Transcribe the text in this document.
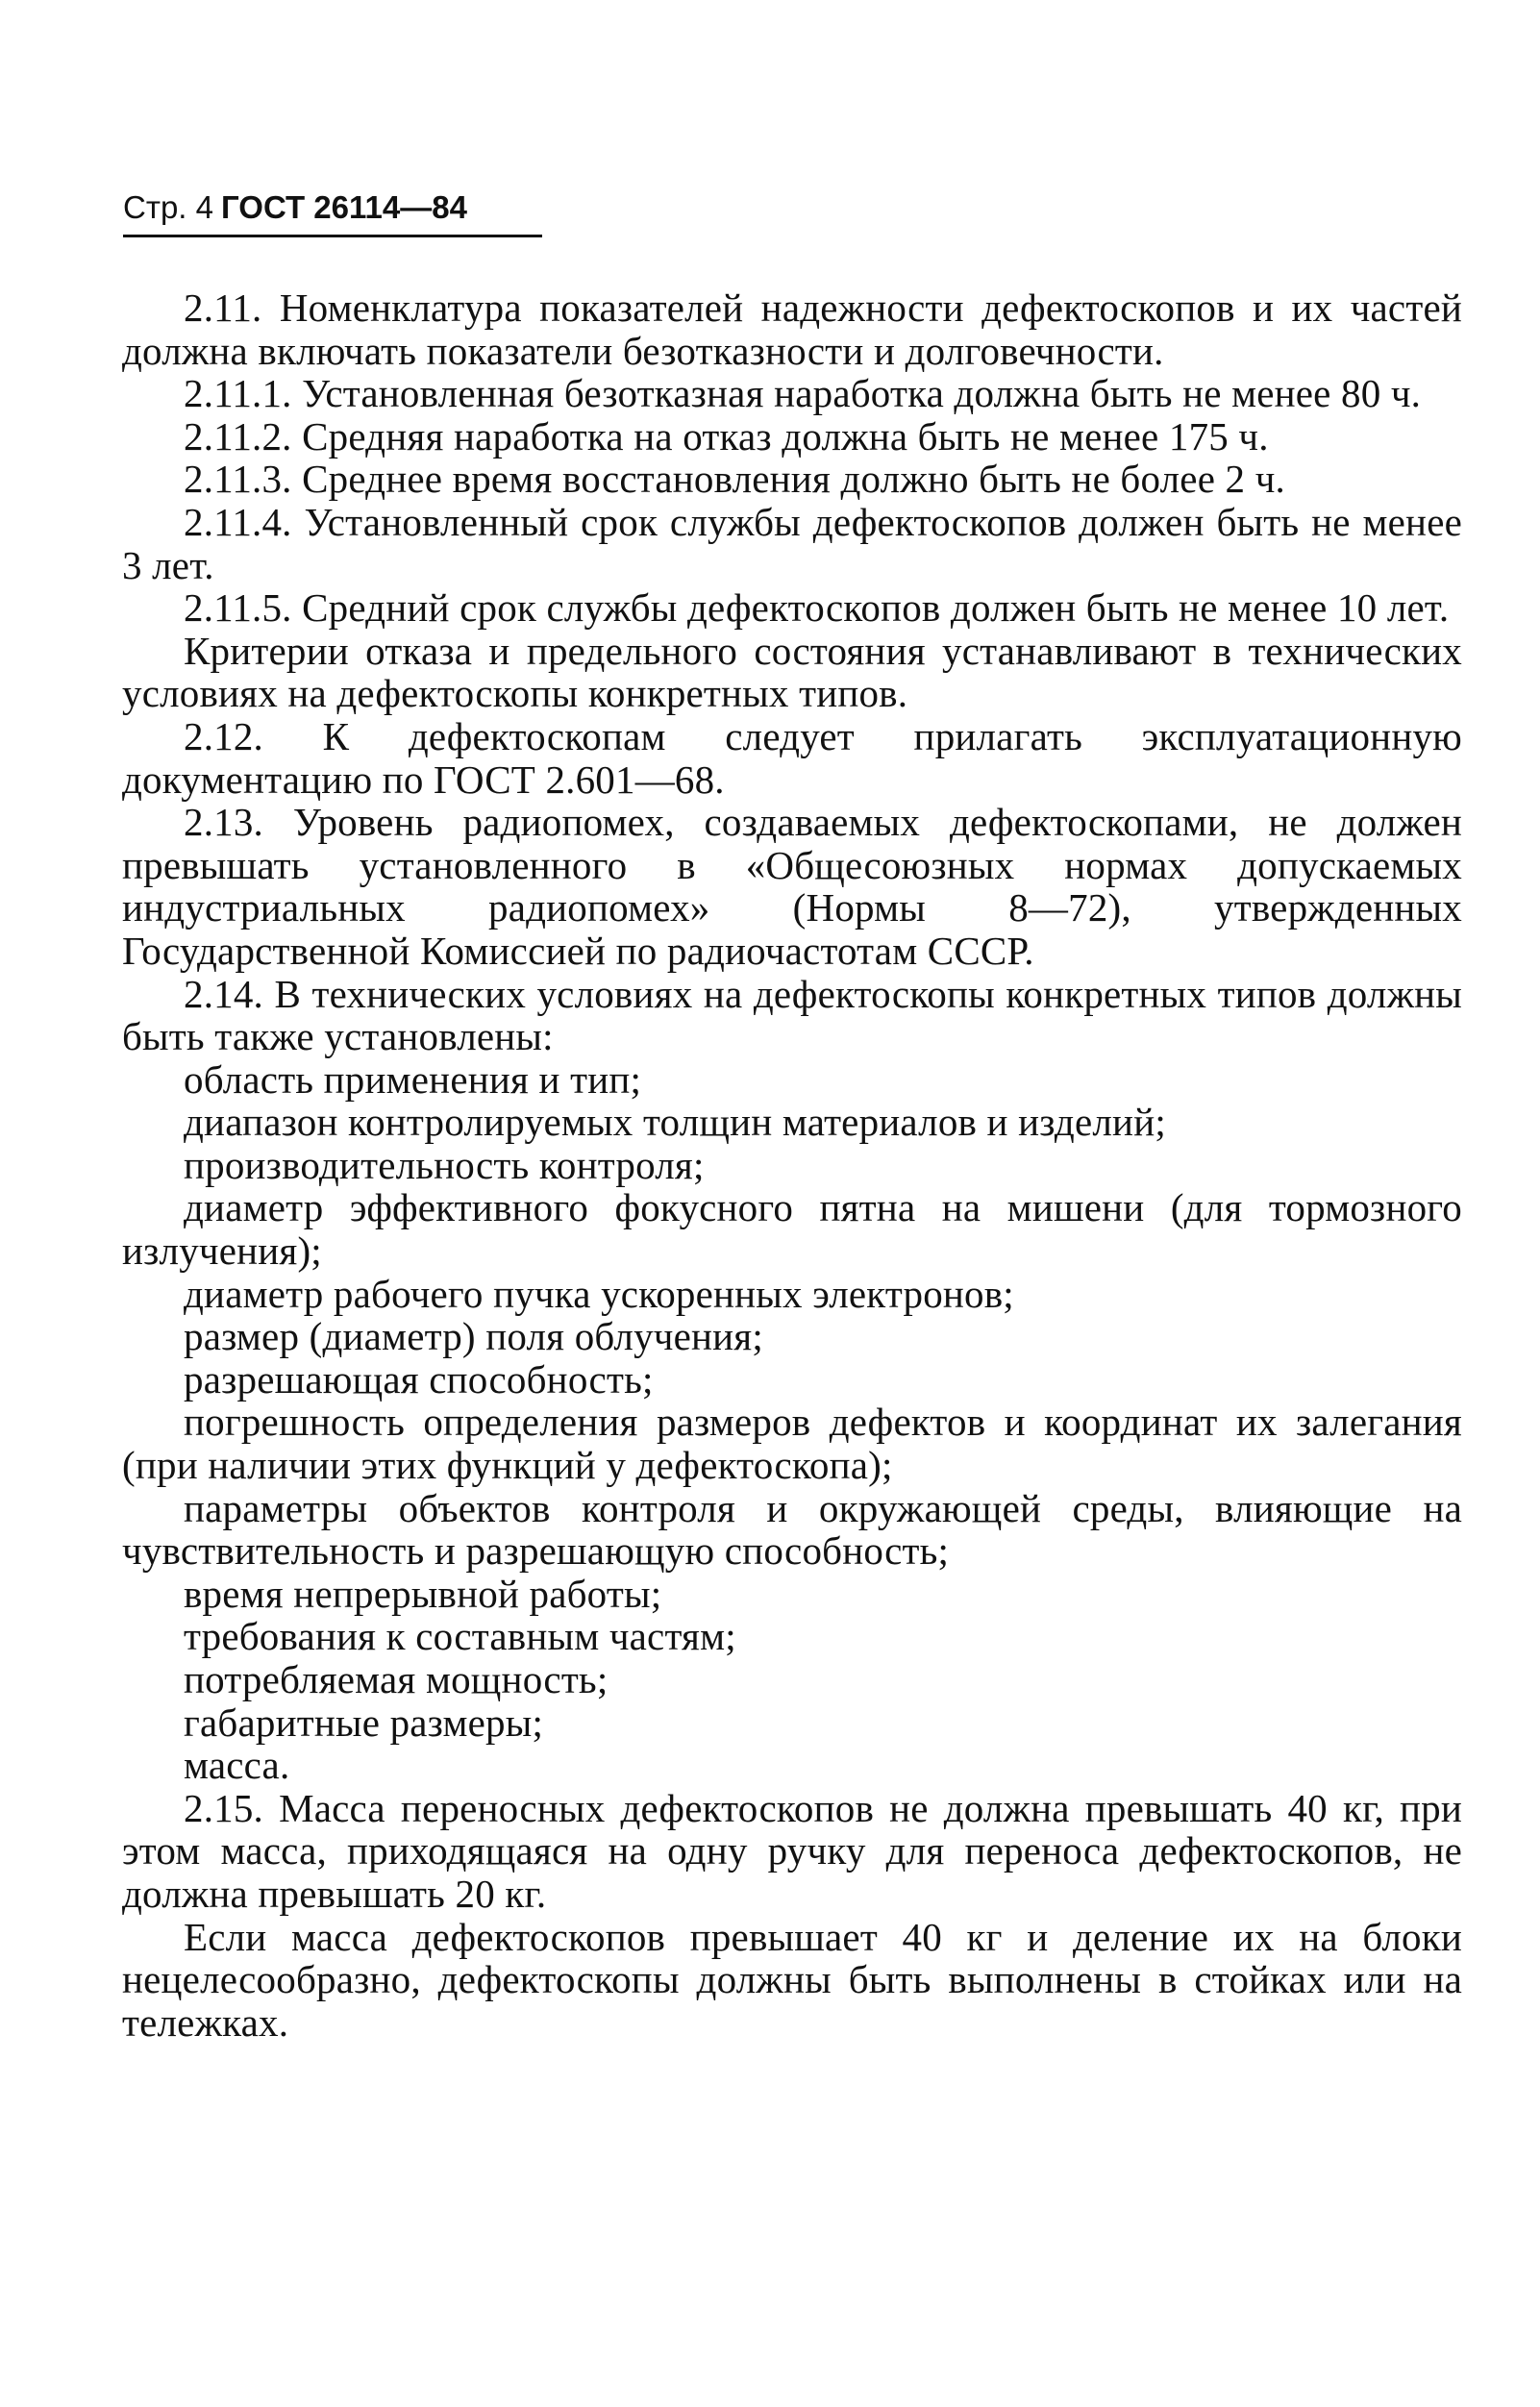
Стр. 4 ГОСТ 26114—84

2.11. Номенклатура показателей надежности дефектоскопов и их частей должна включать показатели безотказности и долговечности.

2.11.1. Установленная безотказная наработка должна быть не менее 80 ч.

2.11.2. Средняя наработка на отказ должна быть не менее 175 ч.

2.11.3. Среднее время восстановления должно быть не более 2 ч.

2.11.4. Установленный срок службы дефектоскопов должен быть не менее 3 лет.

2.11.5. Средний срок службы дефектоскопов должен быть не менее 10 лет.

Критерии отказа и предельного состояния устанавливают в технических условиях на дефектоскопы конкретных типов.

2.12. К дефектоскопам следует прилагать эксплуатационную документацию по ГОСТ 2.601—68.

2.13. Уровень радиопомех, создаваемых дефектоскопами, не должен превышать установленного в «Общесоюзных нормах допускаемых индустриальных радиопомех» (Нормы 8—72), утвержденных Государственной Комиссией по радиочастотам СССР.

2.14. В технических условиях на дефектоскопы конкретных типов должны быть также установлены:

область применения и тип;

диапазон контролируемых толщин материалов и изделий;

производительность контроля;

диаметр эффективного фокусного пятна на мишени (для тормозного излучения);

диаметр рабочего пучка ускоренных электронов;

размер (диаметр) поля облучения;

разрешающая способность;

погрешность определения размеров дефектов и координат их залегания (при наличии этих функций у дефектоскопа);

параметры объектов контроля и окружающей среды, влияющие на чувствительность и разрешающую способность;

время непрерывной работы;

требования к составным частям;

потребляемая мощность;

габаритные размеры;

масса.

2.15. Масса переносных дефектоскопов не должна превышать 40 кг, при этом масса, приходящаяся на одну ручку для переноса дефектоскопов, не должна превышать 20 кг.

Если масса дефектоскопов превышает 40 кг и деление их на блоки нецелесообразно, дефектоскопы должны быть выполнены в стойках или на тележках.
